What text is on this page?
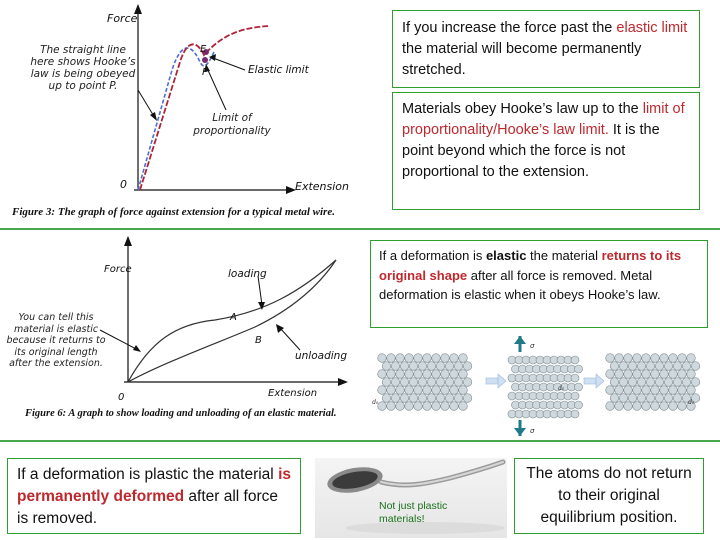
Force
Extension
0
E
P	Elastic limit
The straight line here shows Hooke’s law is being obeyed up to point P.
Limit of proportionality
Figure 3: The graph of force against extension for a typical metal wire.
If you increase the force past the elastic limit the material will become permanently stretched.
Materials obey Hooke’s law up to the limit of proportionality/Hooke’s law limit. It is the point beyond which the force is not proportional to the extension.
Force
Extension
0
loading
unloading
A
B
You can tell this material is elastic because it returns to its original length after the extension.
Figure 6: A graph to show loading and unloading of an elastic material.
If a deformation is elastic the material returns to its original shape after all force is removed. Metal deformation is elastic when it obeys Hooke’s law.
σ
σ
d₀
d₀
d₀
If a deformation is plastic the material is permanently deformed after all force is removed.
Not just plastic materials!
The atoms do not return to their original equilibrium position.
